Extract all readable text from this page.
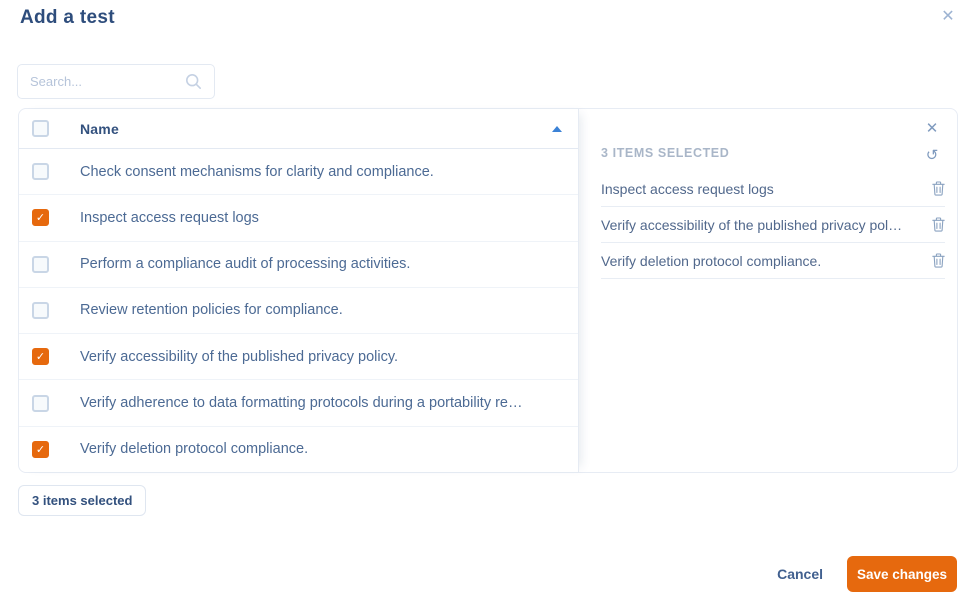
Add a test	✕
Search...
Name
Check consent mechanisms for clarity and compliance.
✓ Inspect access request logs
Perform a compliance audit of processing activities.
Review retention policies for compliance.
✓ Verify accessibility of the published privacy policy.
Verify adherence to data formatting protocols during a portability re…
✓ Verify deletion protocol compliance.
✕
3 ITEMS SELECTED	↺
Inspect access request logs
Verify accessibility of the published privacy pol…
Verify deletion protocol compliance.
3 items selected
Cancel	Save changes
